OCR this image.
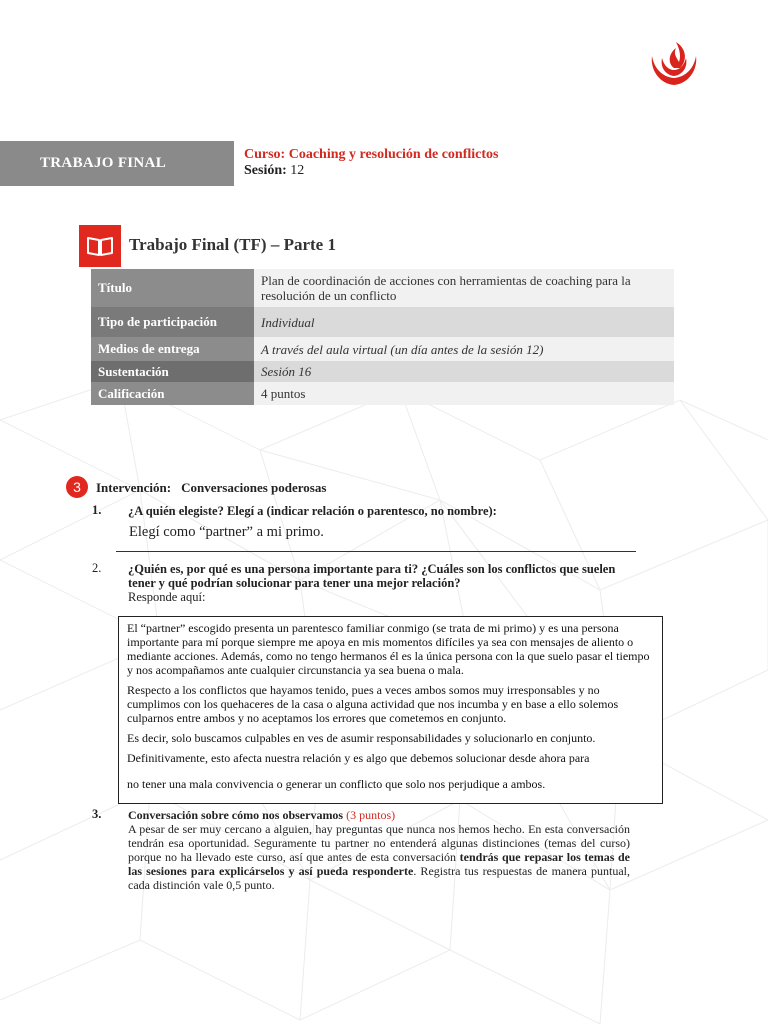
TRABAJO FINAL
Curso: Coaching y resolución de conflictos
Sesión: 12
Trabajo Final (TF) – Parte 1
Título	Plan de coordinación de acciones con herramientas de coaching para la resolución de un conflicto
Tipo de participación	Individual
Medios de entrega	A través del aula virtual (un día antes de la sesión 12)
Sustentación	Sesión 16
Calificación	4 puntos
3	Intervención: Conversaciones poderosas
1. ¿A quién elegiste? Elegí a (indicar relación o parentesco, no nombre):
Elegí como “partner” a mi primo.
2. ¿Quién es, por qué es una persona importante para ti? ¿Cuáles son los conflictos que suelen tener y qué podrían solucionar para tener una mejor relación?
Responde aquí:

El “partner” escogido presenta un parentesco familiar conmigo (se trata de mi primo) y es una persona importante para mí porque siempre me apoya en mis momentos difíciles ya sea con mensajes de aliento o mediante acciones. Además, como no tengo hermanos él es la única persona con la que suelo pasar el tiempo y nos acompañamos ante cualquier circunstancia ya sea buena o mala.

Respecto a los conflictos que hayamos tenido, pues a veces ambos somos muy irresponsables y no cumplimos con los quehaceres de la casa o alguna actividad que nos incumba y en base a ello solemos culparnos entre ambos y no aceptamos los errores que cometemos en conjunto.

Es decir, solo buscamos culpables en ves de asumir responsabilidades y solucionarlo en conjunto.

Definitivamente, esto afecta nuestra relación y es algo que debemos solucionar desde ahora para

no tener una mala convivencia o generar un conflicto que solo nos perjudique a ambos.

3. Conversación sobre cómo nos observamos (3 puntos)
A pesar de ser muy cercano a alguien, hay preguntas que nunca nos hemos hecho. En esta conversación tendrán esa oportunidad. Seguramente tu partner no entenderá algunas distinciones (temas del curso) porque no ha llevado este curso, así que antes de esta conversación tendrás que repasar los temas de las sesiones para explicárselos y así pueda responderte. Registra tus respuestas de manera puntual, cada distinción vale 0,5 punto.
